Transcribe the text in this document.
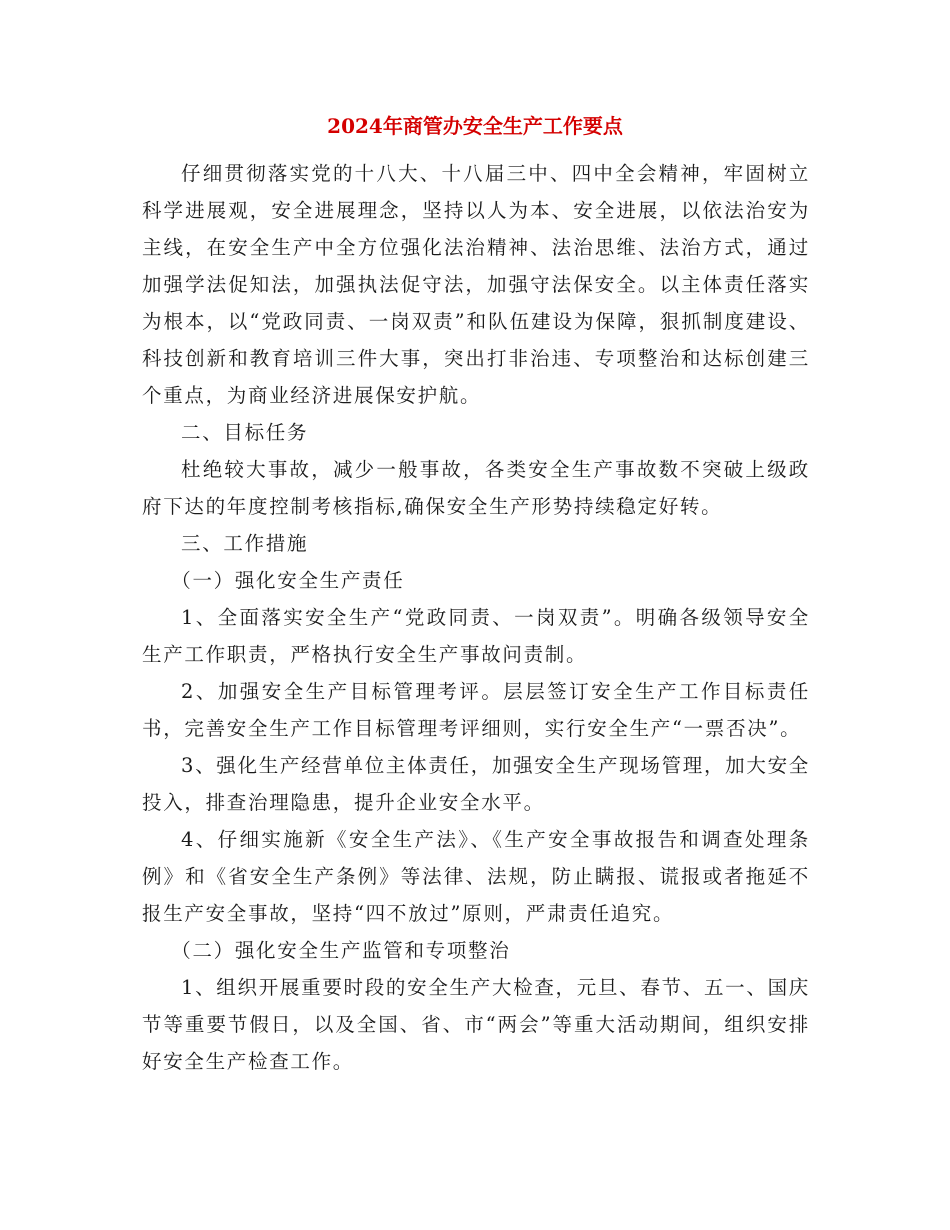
2024年商管办安全生产工作要点

仔细贯彻落实党的十八大、十八届三中、四中全会精神，牢固树立科学进展观，安全进展理念，坚持以人为本、安全进展，以依法治安为主线，在安全生产中全方位强化法治精神、法治思维、法治方式，通过加强学法促知法，加强执法促守法，加强守法保安全。以主体责任落实为根本，以“党政同责、一岗双责”和队伍建设为保障，狠抓制度建设、科技创新和教育培训三件大事，突出打非治违、专项整治和达标创建三个重点，为商业经济进展保安护航。

二、目标任务

杜绝较大事故，减少一般事故，各类安全生产事故数不突破上级政府下达的年度控制考核指标,确保安全生产形势持续稳定好转。

三、工作措施

（一）强化安全生产责任

1、全面落实安全生产“党政同责、一岗双责”。明确各级领导安全生产工作职责，严格执行安全生产事故问责制。

2、加强安全生产目标管理考评。层层签订安全生产工作目标责任书，完善安全生产工作目标管理考评细则，实行安全生产“一票否决”。

3、强化生产经营单位主体责任，加强安全生产现场管理，加大安全投入，排查治理隐患，提升企业安全水平。

4、仔细实施新《安全生产法》、《生产安全事故报告和调查处理条例》和《省安全生产条例》等法律、法规，防止瞒报、谎报或者拖延不报生产安全事故，坚持“四不放过”原则，严肃责任追究。

（二）强化安全生产监管和专项整治

1、组织开展重要时段的安全生产大检查，元旦、春节、五一、国庆节等重要节假日，以及全国、省、市“两会”等重大活动期间，组织安排好安全生产检查工作。
